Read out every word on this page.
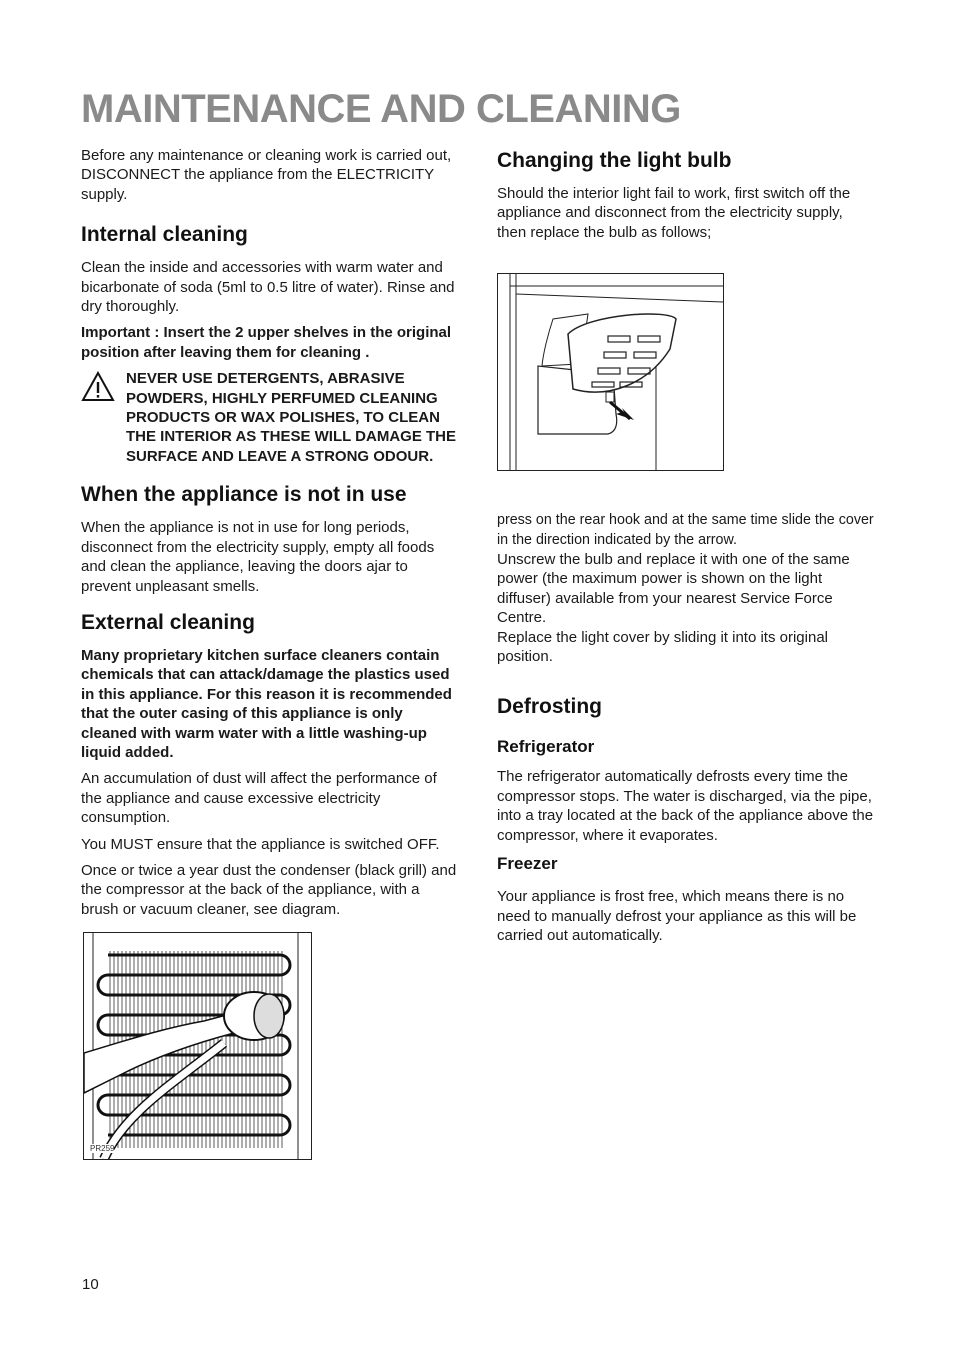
MAINTENANCE AND CLEANING

Before any maintenance or cleaning work is carried out, DISCONNECT the appliance from the ELECTRICITY supply.

Internal cleaning

Clean the inside and accessories with warm water and bicarbonate of soda (5ml to 0.5 litre of water). Rinse and dry thoroughly.

Important : Insert the 2 upper shelves in the original position after leaving them for cleaning .

NEVER USE DETERGENTS, ABRASIVE POWDERS, HIGHLY PERFUMED CLEANING PRODUCTS OR WAX POLISHES, TO CLEAN THE INTERIOR AS THESE WILL DAMAGE THE SURFACE AND LEAVE A STRONG ODOUR.

When the appliance is not in use

When the appliance is not in use for long periods, disconnect from the electricity supply, empty all foods and clean the appliance, leaving the doors ajar to prevent unpleasant smells.

External cleaning

Many proprietary kitchen surface cleaners contain chemicals that can attack/damage the plastics used in this appliance. For this reason it is recommended that the outer casing of this appliance is only cleaned with warm water with a little washing-up liquid added.

An accumulation of dust will affect the performance of the appliance and cause excessive electricity consumption.

You MUST ensure that the appliance is switched OFF.

Once or twice a year dust the condenser (black grill) and the compressor at the back of the appliance, with a brush or vacuum cleaner, see diagram.

PR259
Changing the light bulb

Should the interior light fail to work, first switch off the appliance and disconnect from the electricity supply, then replace the bulb as follows;

press on the rear hook and at the same time slide the cover in the direction indicated by the arrow.

Unscrew the bulb and replace it with one of the same power (the maximum power is shown on the light diffuser) available from your nearest Service Force Centre.

Replace the light cover by sliding it into its original position.

Defrosting
Refrigerator

The refrigerator automatically defrosts every time the compressor stops. The water is discharged, via the pipe, into a tray located at the back of the appliance above the compressor, where it evaporates.

Freezer

Your appliance is frost free, which means there is no need to manually defrost your appliance as this will be carried out automatically.

10
